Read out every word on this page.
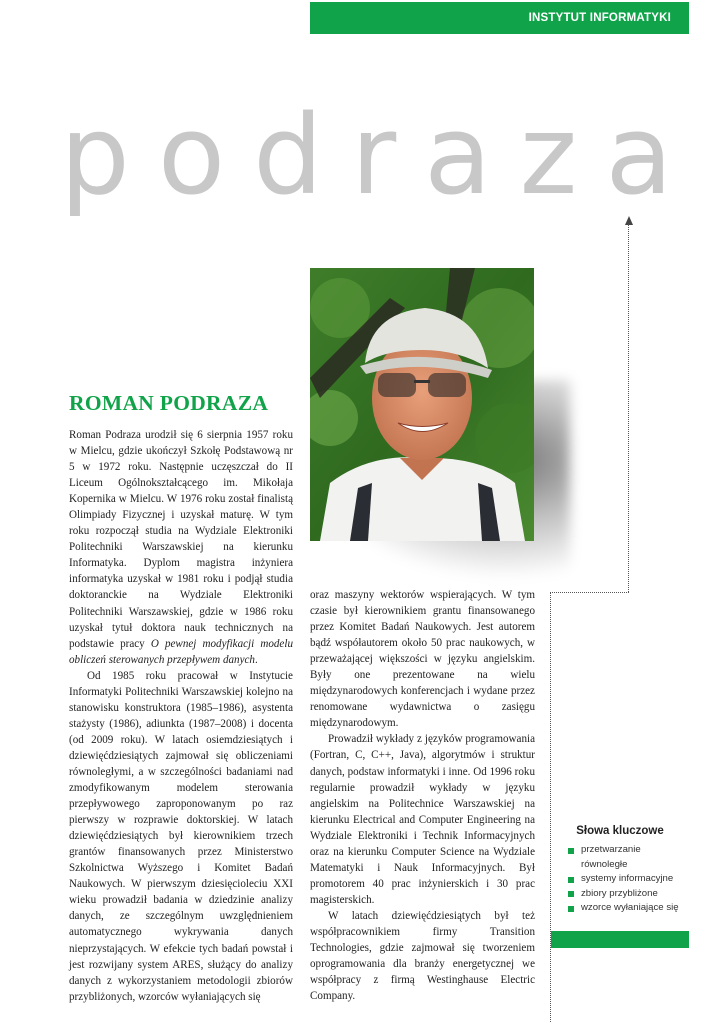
INSTYTUT INFORMATYKI
podraza
ROMAN PODRAZA

Roman Podraza urodził się 6 sierpnia 1957 roku w Mielcu, gdzie ukończył Szkołę Podstawową nr 5 w 1972 roku. Następnie uczęszczał do II Liceum Ogólnokształcącego im. Mikołaja Kopernika w Mielcu. W 1976 roku został finalistą Olimpiady Fizycznej i uzyskał maturę. W tym roku rozpoczął studia na Wydziale Elektroniki Politechniki Warszawskiej na kierunku Informatyka. Dyplom magistra inżyniera informatyka uzyskał w 1981 roku i podjął studia doktoranckie na Wydziale Elektroniki Politechniki Warszawskiej, gdzie w 1986 roku uzyskał tytuł doktora nauk technicznych na podstawie pracy O pewnej modyfikacji modelu obliczeń sterowanych przepływem danych.

Od 1985 roku pracował w Instytucie Informatyki Politechniki Warszawskiej kolejno na stanowisku konstruktora (1985–1986), asystenta stażysty (1986), adiunkta (1987–2008) i docenta (od 2009 roku). W latach osiemdziesiątych i dziewięćdziesiątych zajmował się obliczeniami równoległymi, a w szczególności badaniami nad zmodyfikowanym modelem sterowania przepływowego zaproponowanym po raz pierwszy w rozprawie doktorskiej. W latach dziewięćdziesiątych był kierownikiem trzech grantów finansowanych przez Ministerstwo Szkolnictwa Wyższego i Komitet Badań Naukowych. W pierwszym dziesięcioleciu XXI wieku prowadził badania w dziedzinie analizy danych, ze szczególnym uwzględnieniem automatycznego wykrywania danych nieprzystających. W efekcie tych badań powstał i jest rozwijany system ARES, służący do analizy danych z wykorzystaniem metodologii zbiorów przybliżonych, wzorców wyłaniających się

oraz maszyny wektorów wspierających. W tym czasie był kierownikiem grantu finansowanego przez Komitet Badań Naukowych. Jest autorem bądź współautorem około 50 prac naukowych, w przeważającej większości w języku angielskim. Były one prezentowane na wielu międzynarodowych konferencjach i wydane przez renomowane wydawnictwa o zasięgu międzynarodowym.

Prowadził wykłady z języków programowania (Fortran, C, C++, Java), algorytmów i struktur danych, podstaw informatyki i inne. Od 1996 roku regularnie prowadził wykłady w języku angielskim na Politechnice Warszawskiej na kierunku Electrical and Computer Engineering na Wydziale Elektroniki i Technik Informacyjnych oraz na kierunku Computer Science na Wydziale Matematyki i Nauk Informacyjnych. Był promotorem 40 prac inżynierskich i 30 prac magisterskich.

W latach dziewięćdziesiątych był też współpracownikiem firmy Transition Technologies, gdzie zajmował się tworzeniem oprogramowania dla branży energetycznej we współpracy z firmą Westinghause Electric Company.

Słowa kluczowe
przetwarzanie równoległe
systemy informacyjne
zbiory przybliżone
wzorce wyłaniające się
